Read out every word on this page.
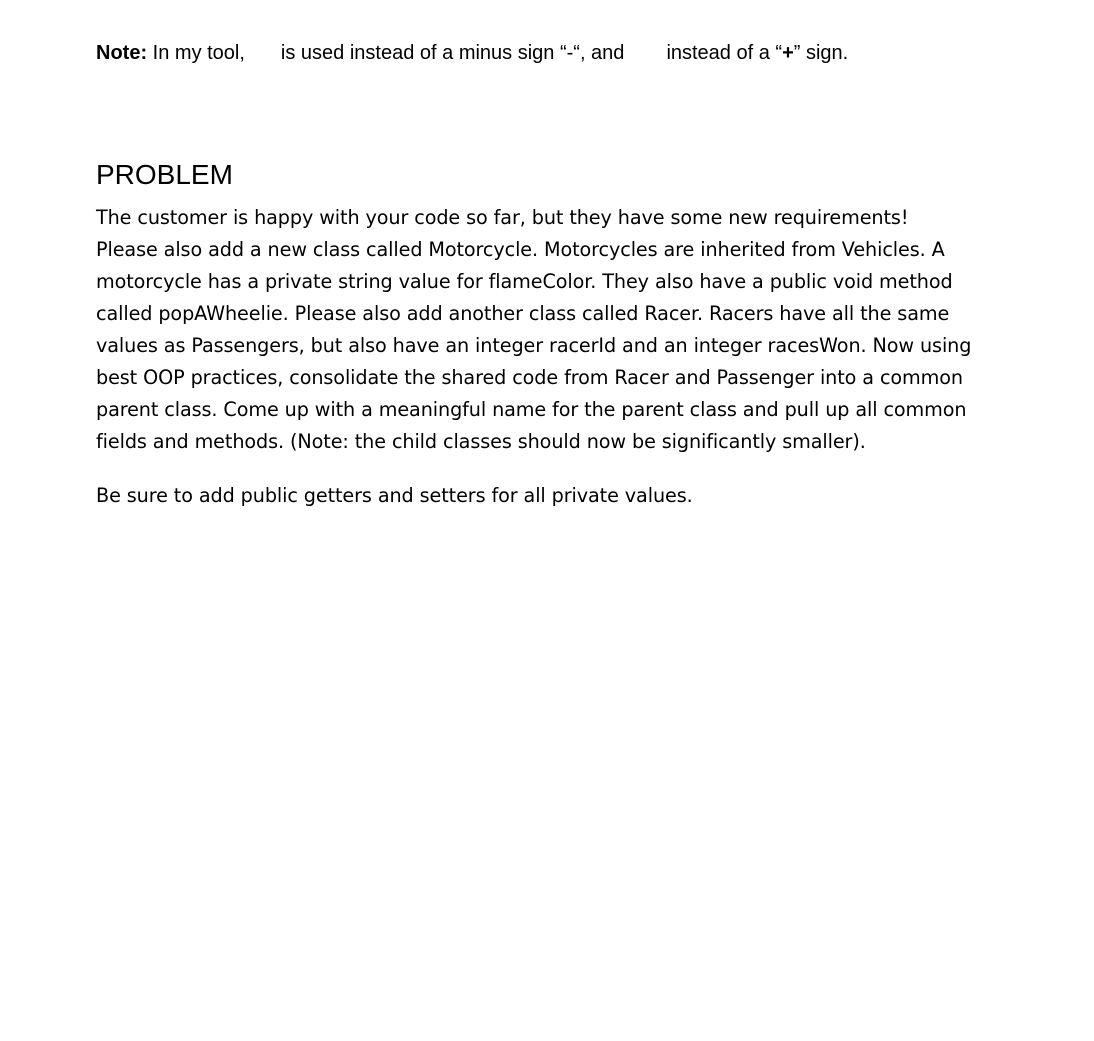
Note: In my tool, is used instead of a minus sign “-“, and instead of a “+” sign.
PROBLEM
The customer is happy with your code so far, but they have some new requirements!
Please also add a new class called Motorcycle. Motorcycles are inherited from Vehicles. A
motorcycle has a private string value for flameColor. They also have a public void method
called popAWheelie. Please also add another class called Racer. Racers have all the same
values as Passengers, but also have an integer racerId and an integer racesWon. Now using
best OOP practices, consolidate the shared code from Racer and Passenger into a common
parent class. Come up with a meaningful name for the parent class and pull up all common
fields and methods. (Note: the child classes should now be significantly smaller).

Be sure to add public getters and setters for all private values.
